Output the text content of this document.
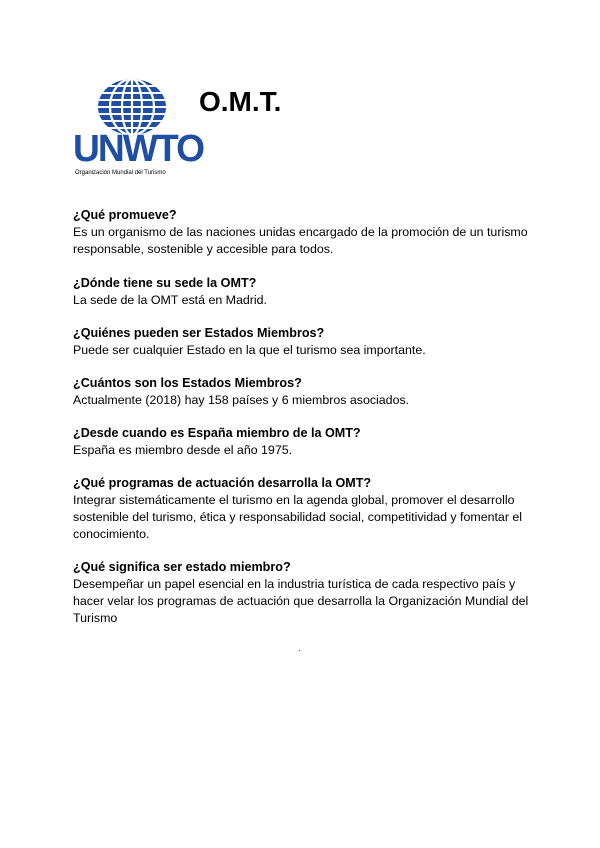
UNWTO
Organización Mundial del Turismo
O.M.T.

¿Qué promueve?

Es un organismo de las naciones unidas encargado de la promoción de un turismo responsable, sostenible y accesible para todos.

¿Dónde tiene su sede la OMT?

La sede de la OMT está en Madrid.

¿Quiénes pueden ser Estados Miembros?

Puede ser cualquier Estado en la que el turismo sea importante.

¿Cuántos son los Estados Miembros?

Actualmente (2018) hay 158 países y 6 miembros asociados.

¿Desde cuando es España miembro de la OMT?

España es miembro desde el año 1975.

¿Qué programas de actuación desarrolla la OMT?

Integrar sistemáticamente el turismo en la agenda global, promover el desarrollo sostenible del turismo, ética y responsabilidad social, competitividad y fomentar el conocimiento.

¿Qué significa ser estado miembro?

Desempeñar un papel esencial en la industria turística de cada respectivo país y hacer velar los programas de actuación que desarrolla la Organización Mundial del Turismo
